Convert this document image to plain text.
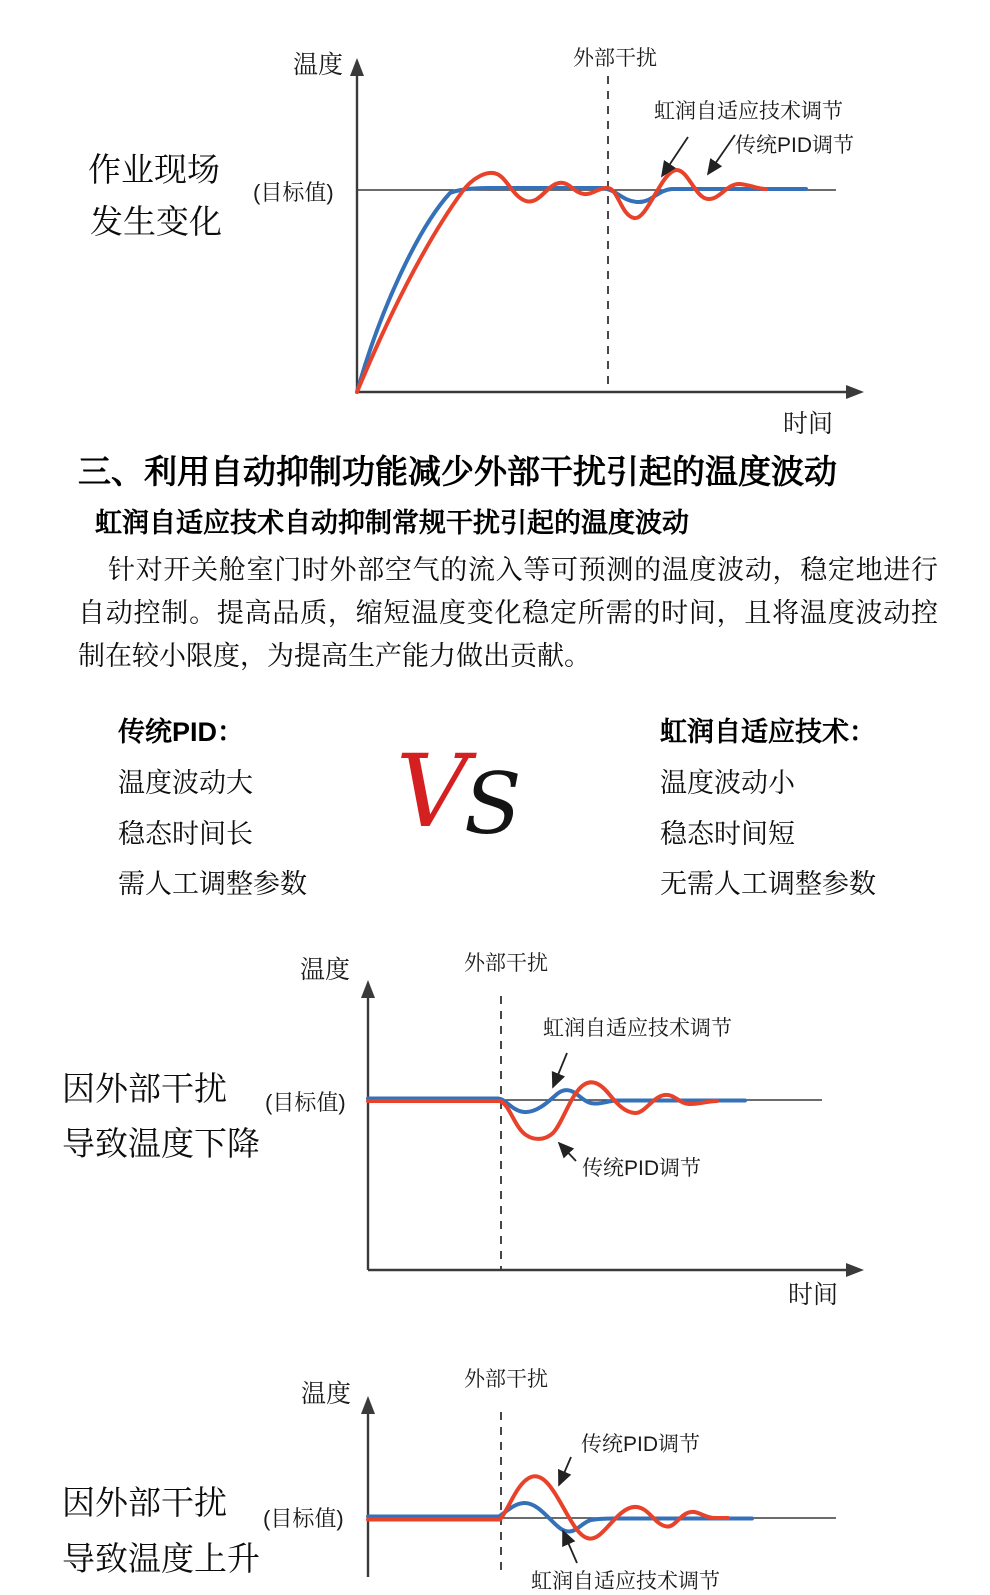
作业现场
发生变化
温度	外部干扰
虹润自适应技术调节
传统PID调节
(目标值)
时间
三、利用自动抑制功能减少外部干扰引起的温度波动
虹润自适应技术自动抑制常规干扰引起的温度波动
针对开关舱室门时外部空气的流入等可预测的温度波动，稳定地进行自动控制。提高品质，缩短温度变化稳定所需的时间，且将温度波动控制在较小限度，为提高生产能力做出贡献。
传统PID：
温度波动大
稳态时间长
需人工调整参数
V
S
虹润自适应技术：
温度波动小
稳态时间短
无需人工调整参数
因外部干扰
导致温度下降
温度	外部干扰
虹润自适应技术调节
(目标值)
传统PID调节
时间
因外部干扰
导致温度上升
温度
外部干扰
传统PID调节
(目标值)
虹润自适应技术调节
